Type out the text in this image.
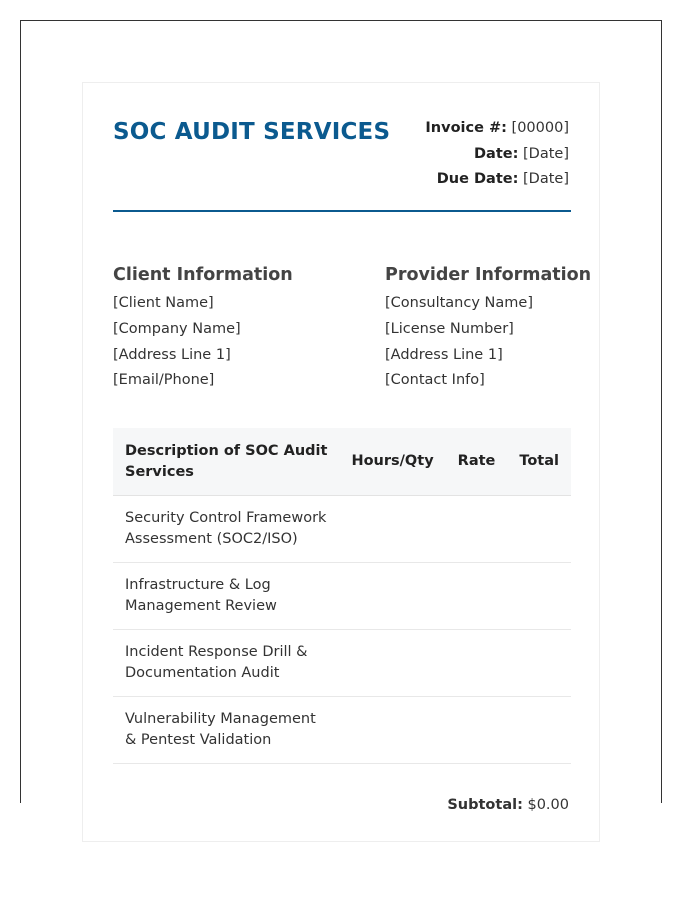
SOC AUDIT SERVICES Invoice #: [00000]
Date: [Date]
Due Date: [Date]
Client Information
[Client Name]
[Company Name]
[Address Line 1]
[Email/Phone]
Provider Information
[Consultancy Name]
[License Number]
[Address Line 1]
[Contact Info]
Description of SOC Audit Services	Hours/Qty	Rate	Total
Security Control Framework Assessment (SOC2/ISO)			
Infrastructure & Log Management Review			
Incident Response Drill & Documentation Audit			
Vulnerability Management & Pentest Validation			
Subtotal: $0.00
